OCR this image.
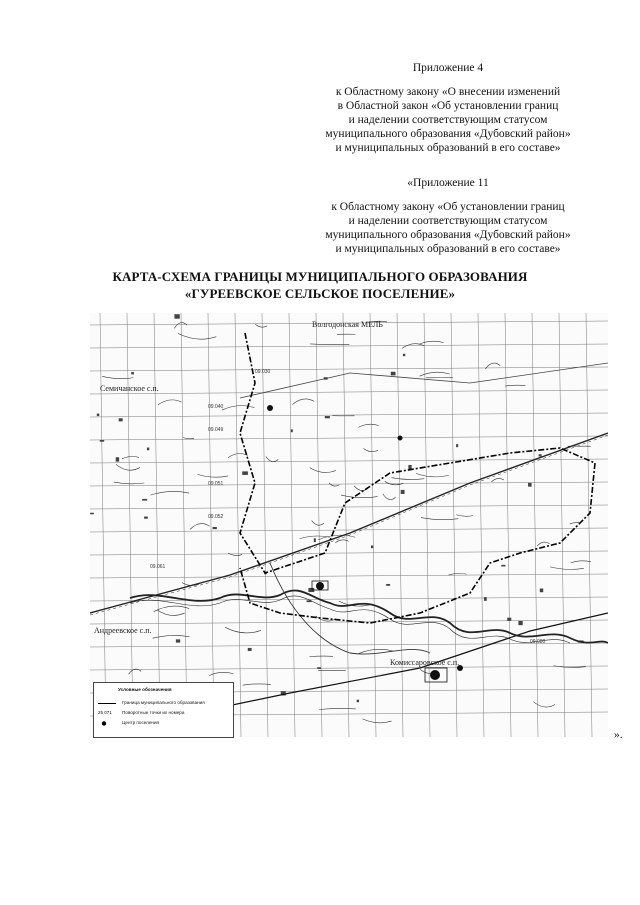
Приложение 4
к Областному закону «О внесении изменений
в Областной закон «Об установлении границ
и наделении соответствующим статусом
муниципального образования «Дубовский район»
и муниципальных образований в его составе»
«Приложение 11
к Областному закону «Об установлении границ
и наделении соответствующим статусом
муниципального образования «Дубовский район»
и муниципальных образований в его составе»
КАРТА-СХЕМА ГРАНИЦЫ МУНИЦИПАЛЬНОГО ОБРАЗОВАНИЯ
«ГУРЕЕВСКОЕ СЕЛЬСКОЕ ПОСЕЛЕНИЕ»
Волгодонская МЕЛЬ
Семичанское с.п.
Андреевское с.п.
Комиссаровское с.п.
09.030
09.040
09.049
09.051
09.052
09.061
09.080
Условные обозначения
Граница муниципального образования
25 071	Поворотные точки их номера
Центр поселения
».
